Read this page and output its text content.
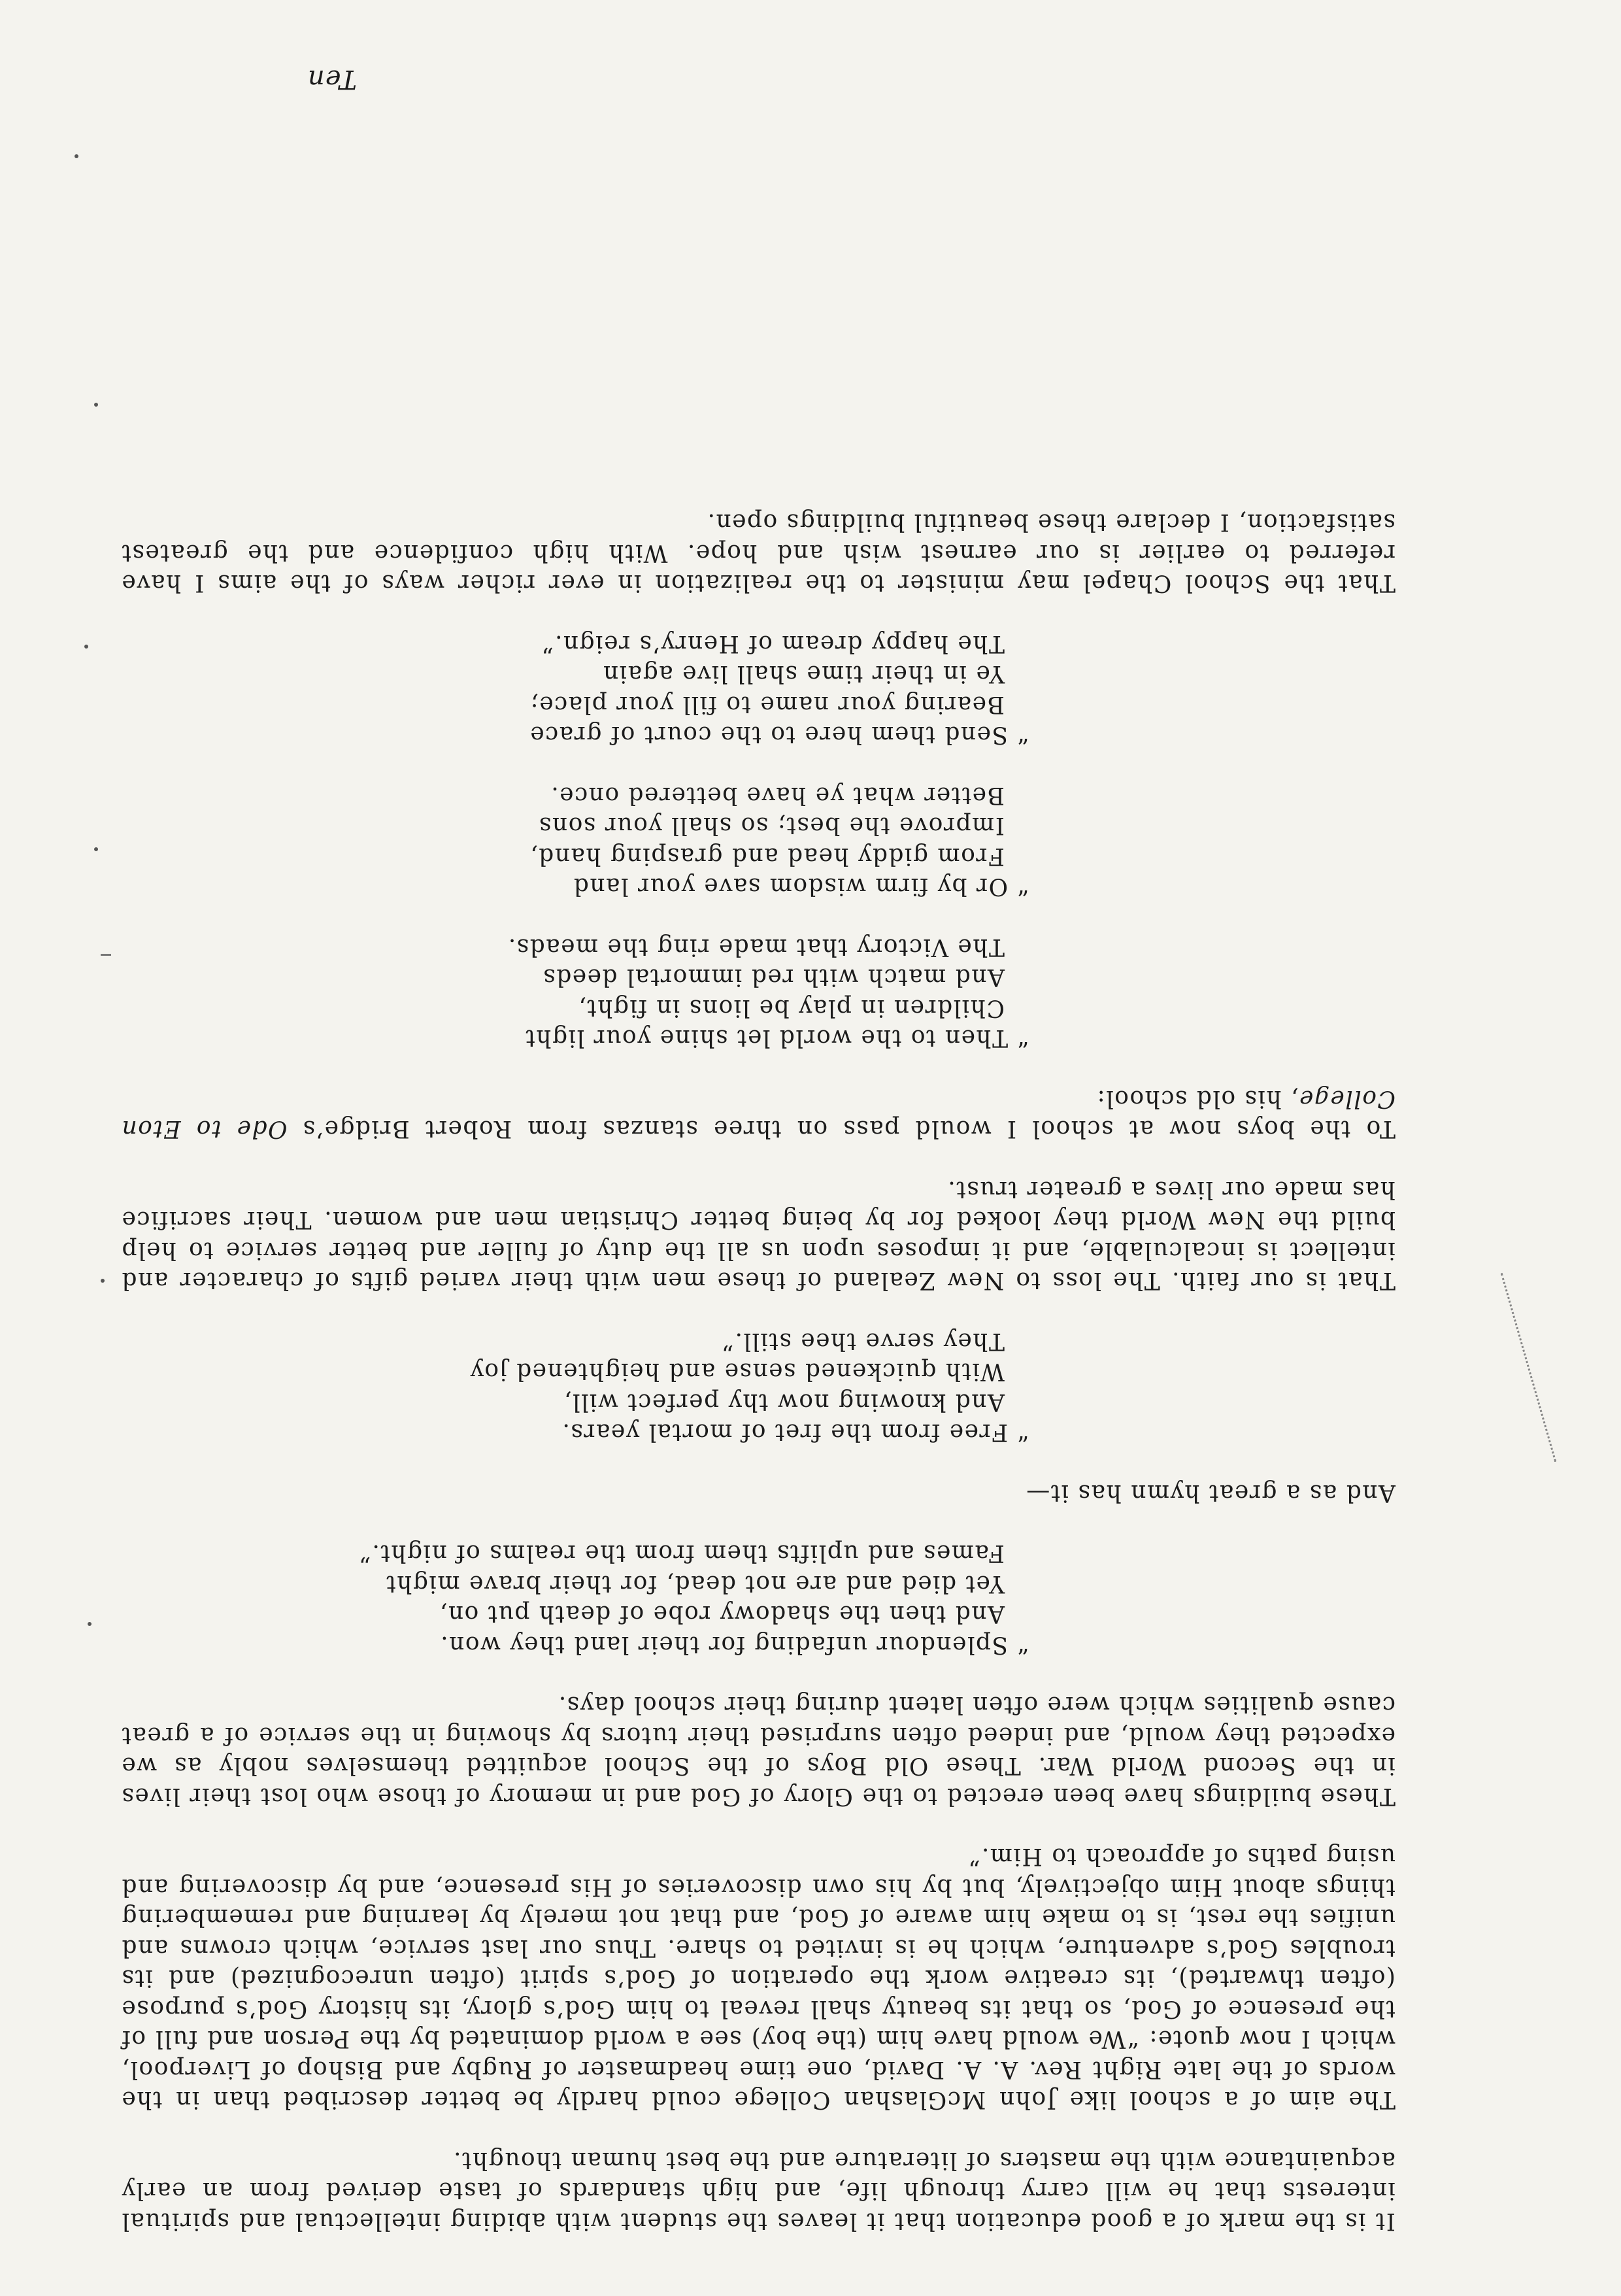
It is the mark of a good education that it leaves the student with abiding intellectual and spiritual interests that he will carry through life, and high standards of taste derived from an early acquaintance with the masters of literature and the best human thought.

The aim of a school like John McGlashan College could hardly be better described than in the words of the late Right Rev. A. A. David, one time headmaster of Rugby and Bishop of Liverpool, which I now quote: “We would have him (the boy) see a world dominated by the Person and full of the presence of God, so that its beauty shall reveal to him God’s glory, its history God’s purpose (often thwarted), its creative work the operation of God’s spirit (often unrecognized) and its troubles God’s adventure, which he is invited to share. Thus our last service, which crowns and unifies the rest, is to make him aware of God, and that not merely by learning and remembering things about Him objectively, but by his own discoveries of His presence, and by discovering and using paths of approach to Him.”

These buildings have been erected to the Glory of God and in memory of those who lost their lives in the Second World War. These Old Boys of the School acquitted themselves nobly as we expected they would, and indeed often surprised their tutors by showing in the service of a great cause qualities which were often latent during their school days.

“ Splendour unfading for their land they won.
And then the shadowy robe of death put on,
Yet died and are not dead, for their brave might
Fames and uplifts them from the realms of night.”

And as a great hymn has it—

“ Free from the fret of mortal years.
And knowing now thy perfect will,
With quickened sense and heightened joy
They serve thee still.”

That is our faith. The loss to New Zealand of these men with their varied gifts of character and intellect is incalculable, and it imposes upon us all the duty of fuller and better service to help build the New World they looked for by being better Christian men and women. Their sacrifice has made our lives a greater trust.

To the boys now at school I would pass on three stanzas from Robert Bridge’s Ode to Eton College, his old school:

“ Then to the world let shine your light
Children in play be lions in fight,
And match with red immortal deeds
The Victory that made ring the meads.
“ Or by firm wisdom save your land
From giddy head and grasping hand,
Improve the best; so shall your sons
Better what ye have bettered once.
“ Send them here to the court of grace
Bearing your name to fill your place;
Ye in their time shall live again
The happy dream of Henry’s reign.”

That the School Chapel may minister to the realization in ever richer ways of the aims I have referred to earlier is our earnest wish and hope. With high confidence and the greatest satisfaction, I declare these beautiful buildings open.

Ten
